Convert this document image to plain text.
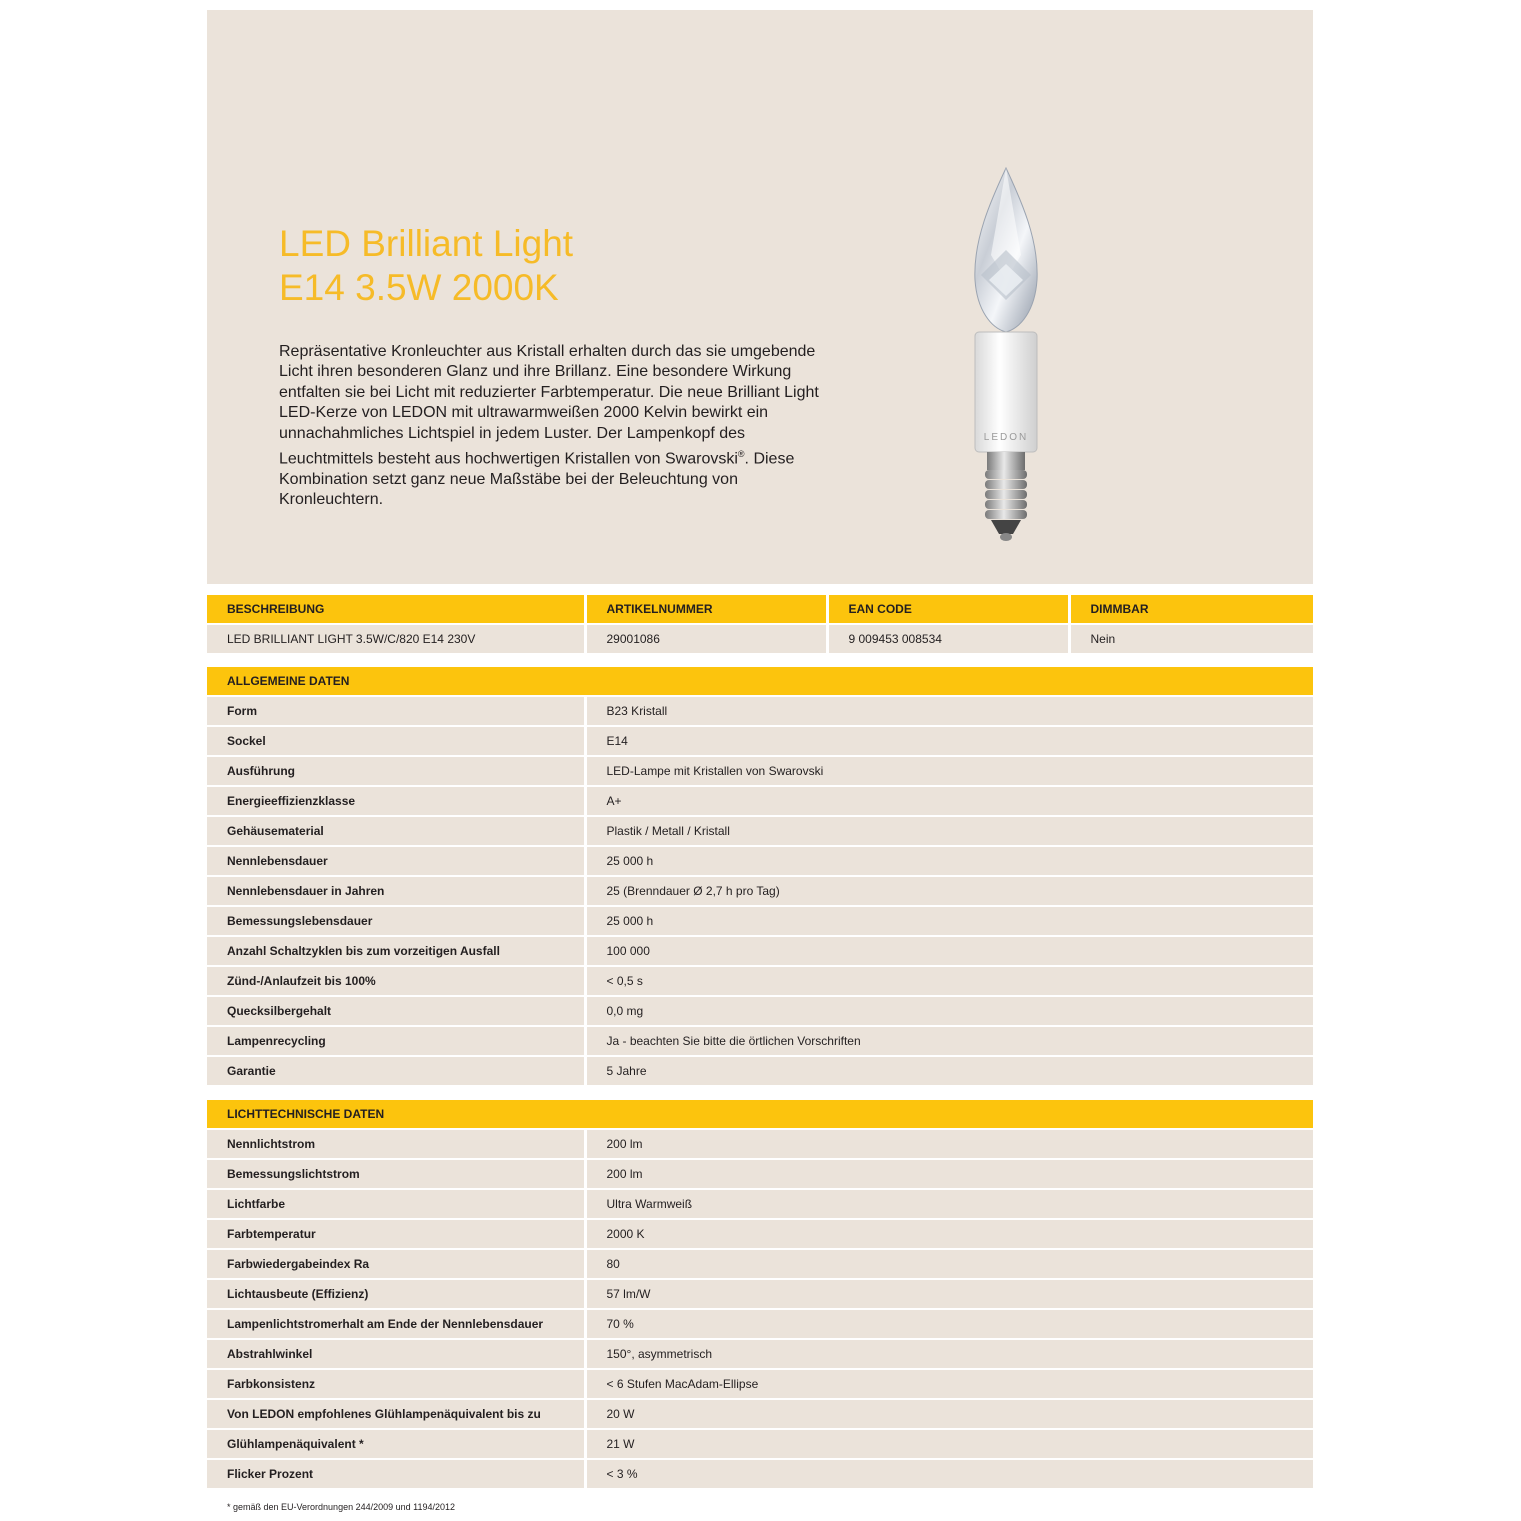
LED Brilliant Light
E14 3.5W 2000K

Repräsentative Kronleuchter aus Kristall erhalten durch das sie umgebende Licht ihren besonderen Glanz und ihre Brillanz. Eine besondere Wirkung entfalten sie bei Licht mit reduzierter Farbtemperatur. Die neue Brilliant Light LED-Kerze von LEDON mit ultrawarmweißen 2000 Kelvin bewirkt ein unnachahmliches Lichtspiel in jedem Luster. Der Lampenkopf des Leuchtmittels besteht aus hochwertigen Kristallen von Swarovski®. Diese Kombination setzt ganz neue Maßstäbe bei der Beleuchtung von Kronleuchtern.

LEDON
BESCHREIBUNG	ARTIKELNUMMER	EAN CODE	DIMMBAR
LED BRILLIANT LIGHT 3.5W/C/820 E14 230V	29001086	9 009453 008534	Nein
ALLGEMEINE DATEN	
Form	B23 Kristall
Sockel	E14
Ausführung	LED-Lampe mit Kristallen von Swarovski
Energieeffizienzklasse	A+
Gehäusematerial	Plastik / Metall / Kristall
Nennlebensdauer	25 000 h
Nennlebensdauer in Jahren	25 (Brenndauer Ø 2,7 h pro Tag)
Bemessungslebensdauer	25 000 h
Anzahl Schaltzyklen bis zum vorzeitigen Ausfall	100 000
Zünd-/Anlaufzeit bis 100%	< 0,5 s
Quecksilbergehalt	0,0 mg
Lampenrecycling	Ja - beachten Sie bitte die örtlichen Vorschriften
Garantie	5 Jahre
LICHTTECHNISCHE DATEN	
Nennlichtstrom	200 lm
Bemessungslichtstrom	200 lm
Lichtfarbe	Ultra Warmweiß
Farbtemperatur	2000 K
Farbwiedergabeindex Ra	80
Lichtausbeute (Effizienz)	57 lm/W
Lampenlichtstromerhalt am Ende der Nennlebensdauer	70 %
Abstrahlwinkel	150°, asymmetrisch
Farbkonsistenz	< 6 Stufen MacAdam-Ellipse
Von LEDON empfohlenes Glühlampenäquivalent bis zu	20 W
Glühlampenäquivalent *	21 W
Flicker Prozent	< 3 %

* gemäß den EU-Verordnungen 244/2009 und 1194/2012
